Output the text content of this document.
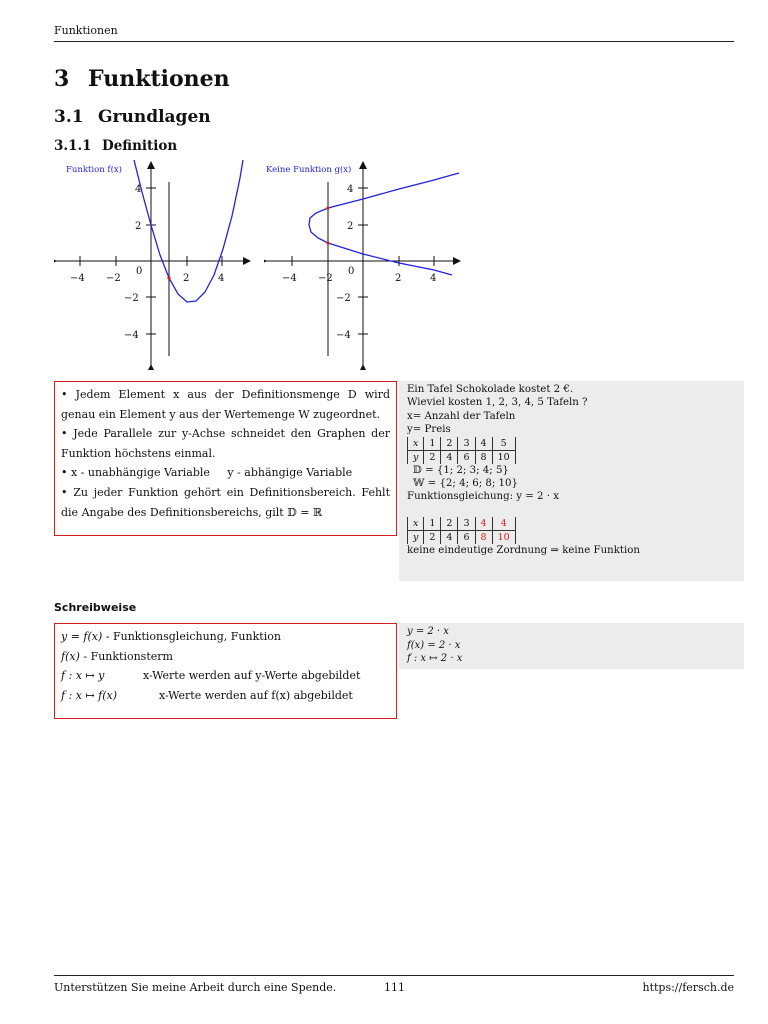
Funktionen
3 Funktionen
3.1 Grundlagen
3.1.1 Definition
−4 −2
0
2	4
4
2
−2
−4
Funktion f(x)
−4 −2
0
2	4
4
2
−2
−4
Keine Funktion g(x)

• Jedem Element x aus der Definitionsmenge D wird genau ein Element y aus der Wertemenge W zugeordnet.

• Jede Parallele zur y-Achse schneidet den Graphen der Funktion höchstens einmal.

• x - unabhängige Variable     y - abhängige Variable

• Zu jeder Funktion gehört ein Definitionsbereich. Fehlt die Angabe des Definitionsbereichs, gilt 𝔻 = ℝ

Ein Tafel Schokolade kostet 2 €.
Wieviel kosten 1, 2, 3, 4, 5 Tafeln ?
x= Anzahl der Tafeln
y= Preis
x	1	2	3	4	5
y	2	4	6	8	10
𝔻 = {1; 2; 3; 4; 5}
𝕎 = {2; 4; 6; 8; 10}
Funktionsgleichung: y = 2 · x
x	1	2	3	4	4
y	2	4	6	8	10
keine eindeutige Zordnung ⇒ keine Funktion
Schreibweise
y = f(x) - Funktionsgleichung, Funktion
f(x) - Funktionsterm
f : x ↦ y	x-Werte werden auf y-Werte abgebildet
f : x ↦ f(x)	x-Werte werden auf f(x) abgebildet
y = 2 · x
f(x) = 2 · x
f : x ↦ 2 · x
Unterstützen Sie meine Arbeit durch eine Spende.	111	https://fersch.de
